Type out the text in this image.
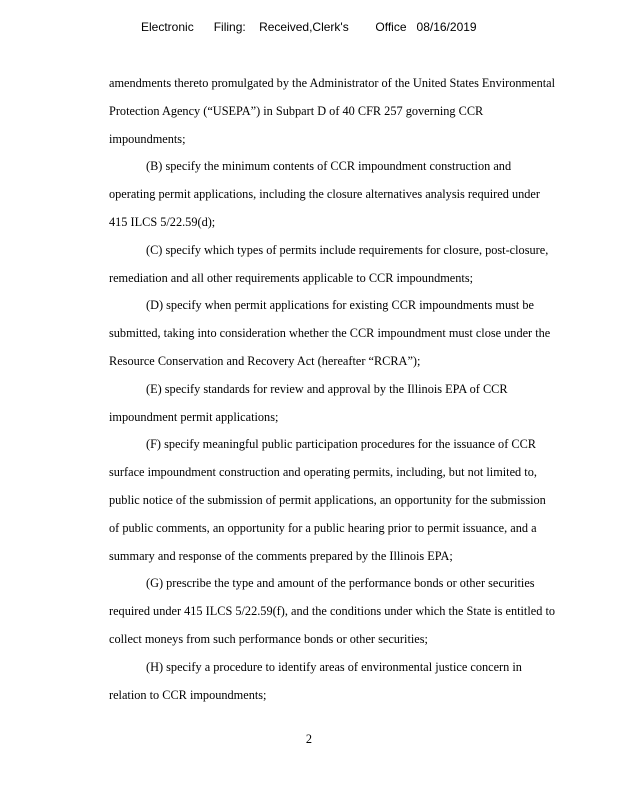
Electronic Filing: Received,Clerk's Office 08/16/2019

amendments thereto promulgated by the Administrator of the United States Environmental Protection Agency (“USEPA”) in Subpart D of 40 CFR 257 governing CCR impoundments;

(B) specify the minimum contents of CCR impoundment construction and operating permit applications, including the closure alternatives analysis required under 415 ILCS 5/22.59(d);

(C) specify which types of permits include requirements for closure, post-closure, remediation and all other requirements applicable to CCR impoundments;

(D) specify when permit applications for existing CCR impoundments must be submitted, taking into consideration whether the CCR impoundment must close under the Resource Conservation and Recovery Act (hereafter “RCRA”);

(E) specify standards for review and approval by the Illinois EPA of CCR impoundment permit applications;

(F) specify meaningful public participation procedures for the issuance of CCR surface impoundment construction and operating permits, including, but not limited to, public notice of the submission of permit applications, an opportunity for the submission of public comments, an opportunity for a public hearing prior to permit issuance, and a summary and response of the comments prepared by the Illinois EPA;

(G) prescribe the type and amount of the performance bonds or other securities required under 415 ILCS 5/22.59(f), and the conditions under which the State is entitled to collect moneys from such performance bonds or other securities;

(H) specify a procedure to identify areas of environmental justice concern in relation to CCR impoundments;

2
